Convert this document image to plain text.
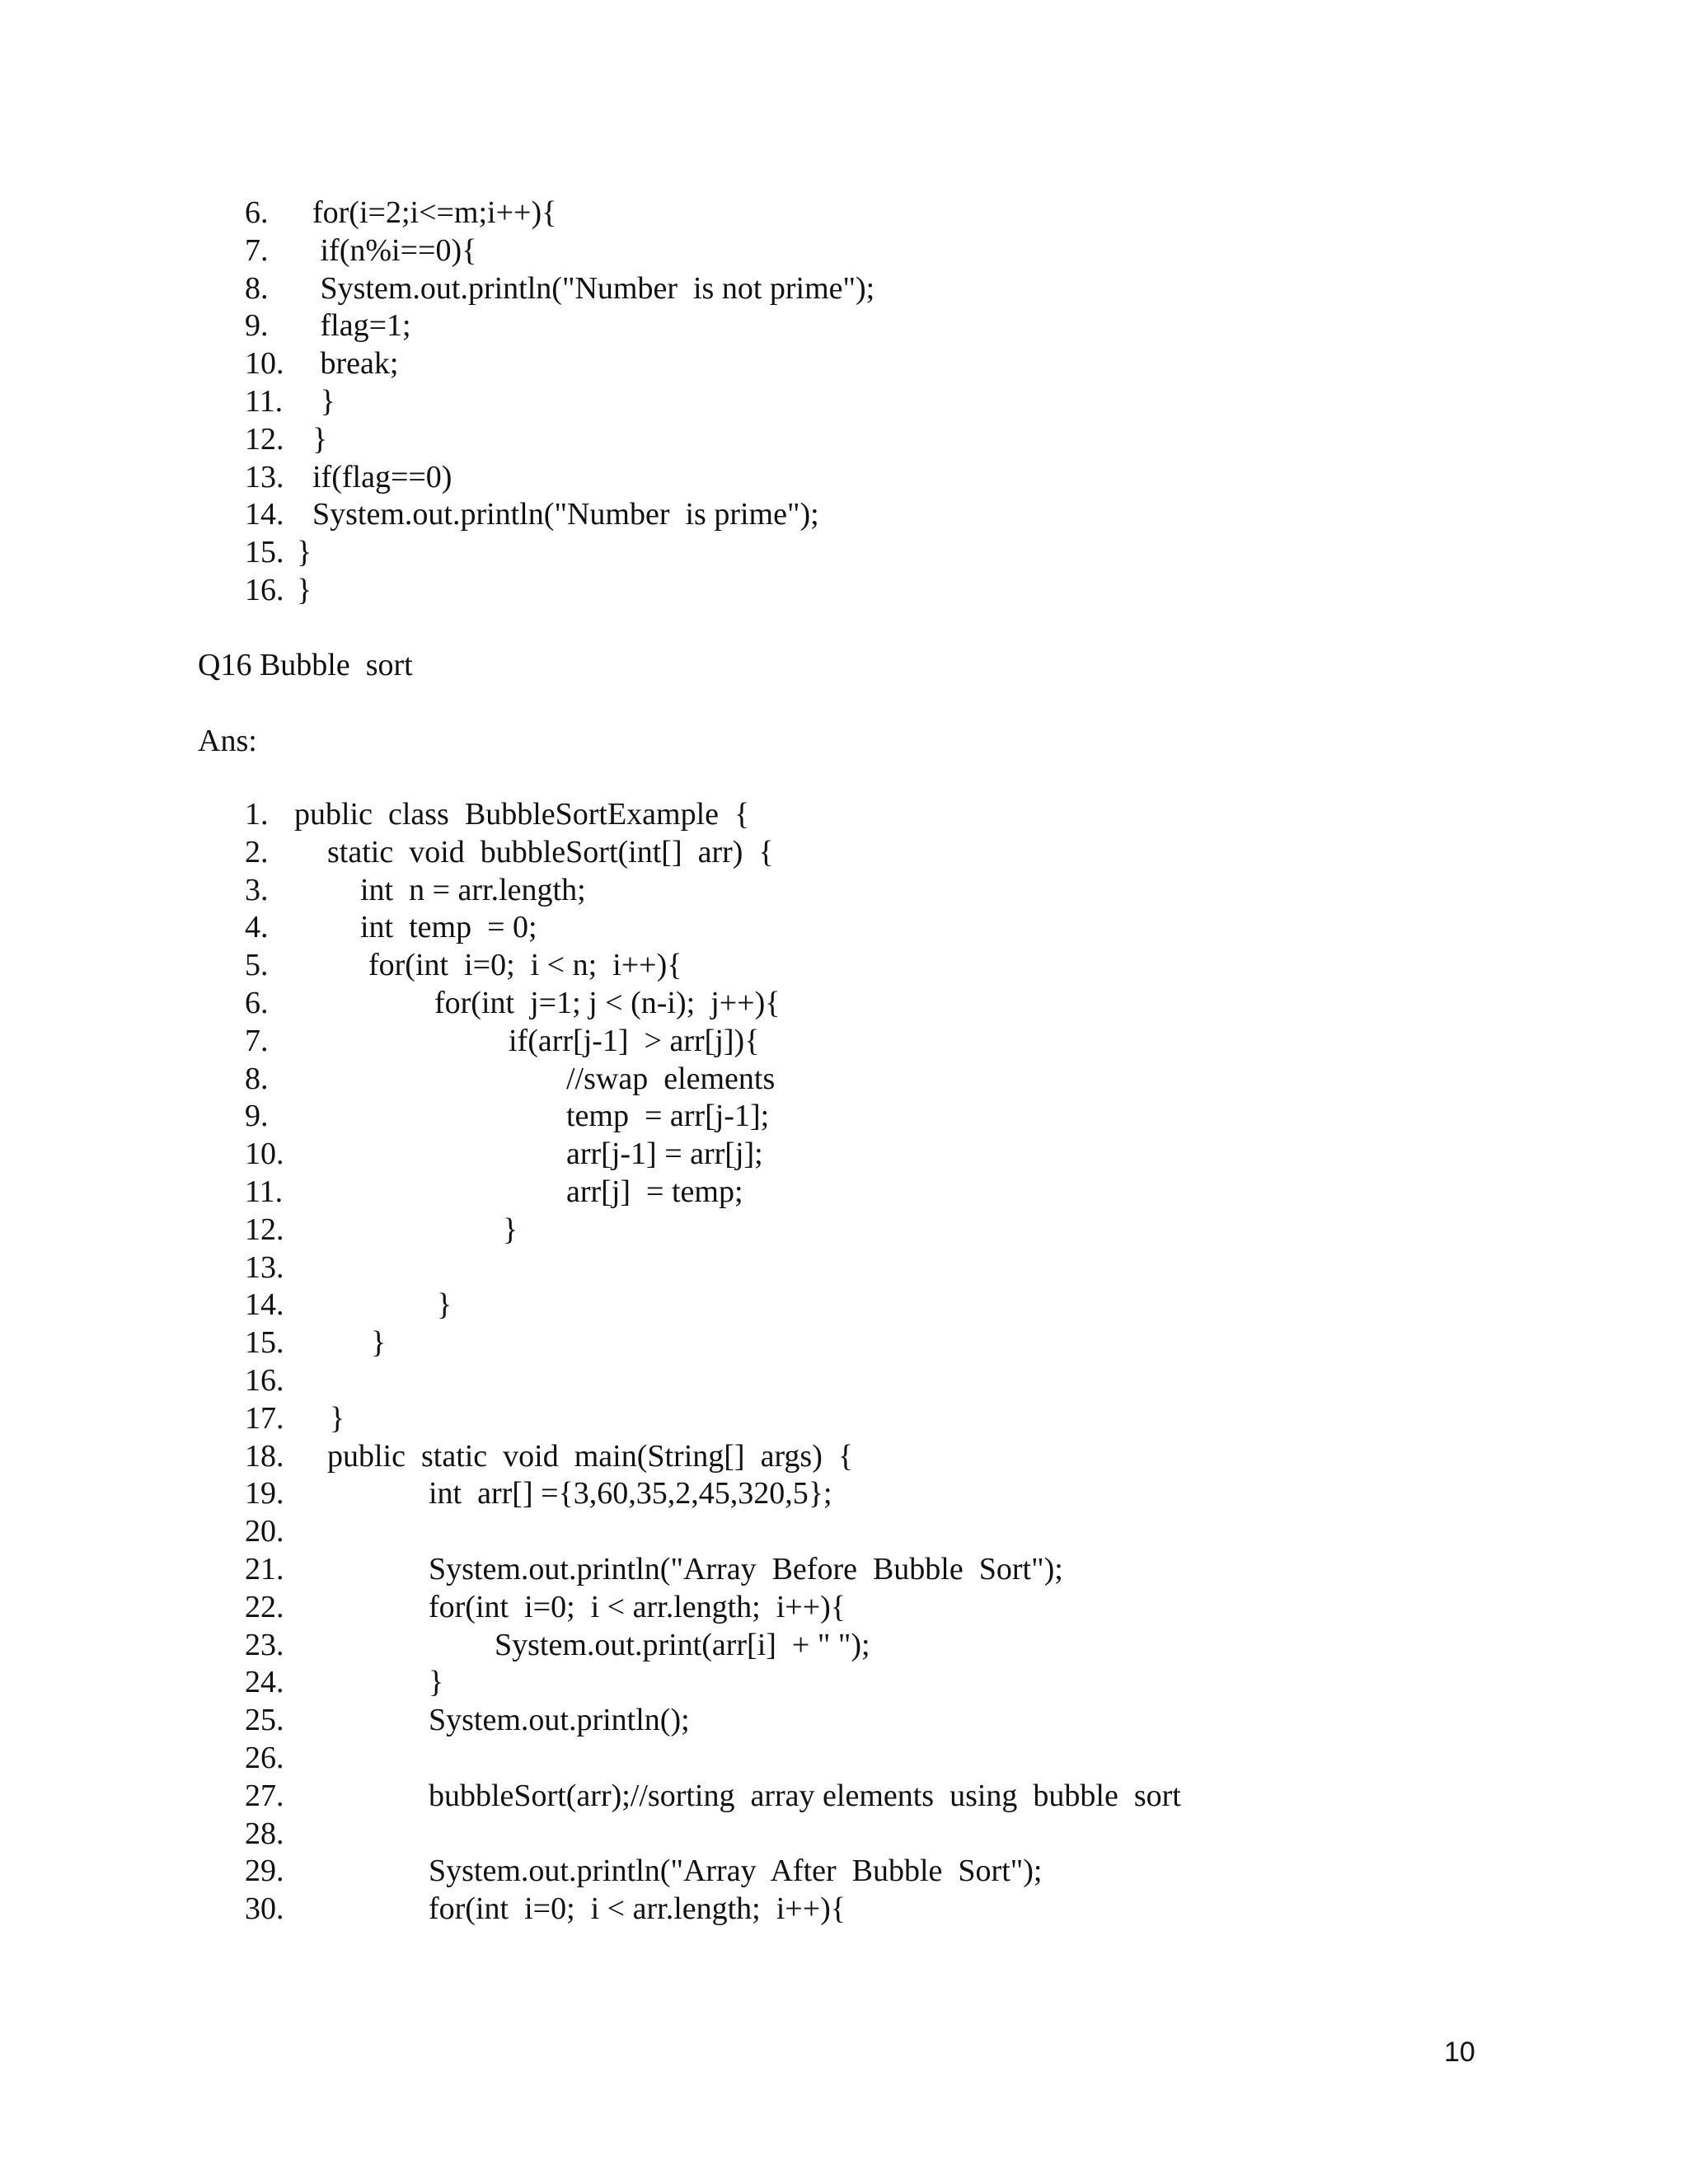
6. for(i=2;i<=m;i++){
7. if(n%i==0){
8. System.out.println("Number  is not prime");
9. flag=1;
10. break;
11. }
12. }
13. if(flag==0)
14. System.out.println("Number  is prime");
15. }
16. }
Q16 Bubble  sort
Ans:
1. public  class  BubbleSortExample  {
2. static  void  bubbleSort(int[]  arr)  {
3.	int  n = arr.length;
4.	int  temp  = 0;
5.	for(int  i=0;  i < n;  i++){
6.	for(int  j=1; j < (n-i);  j++){
7.	if(arr[j-1]  > arr[j]){
8.	//swap  elements
9.	temp  = arr[j-1];
10.	arr[j-1] = arr[j];
11.	arr[j]  = temp;
12.	}
13.
14.	}
15.	}
16.
17. }
18. public  static  void  main(String[]  args)  {
19.	int  arr[] ={3,60,35,2,45,320,5};
20.
21.	System.out.println("Array  Before  Bubble  Sort");
22.	for(int  i=0;  i < arr.length;  i++){
23.	System.out.print(arr[i]  + " ");
24.	}
25.	System.out.println();
26.
27.	bubbleSort(arr);//sorting  array elements  using  bubble  sort
28.
29.	System.out.println("Array  After  Bubble  Sort");
30.	for(int  i=0;  i < arr.length;  i++){
10
